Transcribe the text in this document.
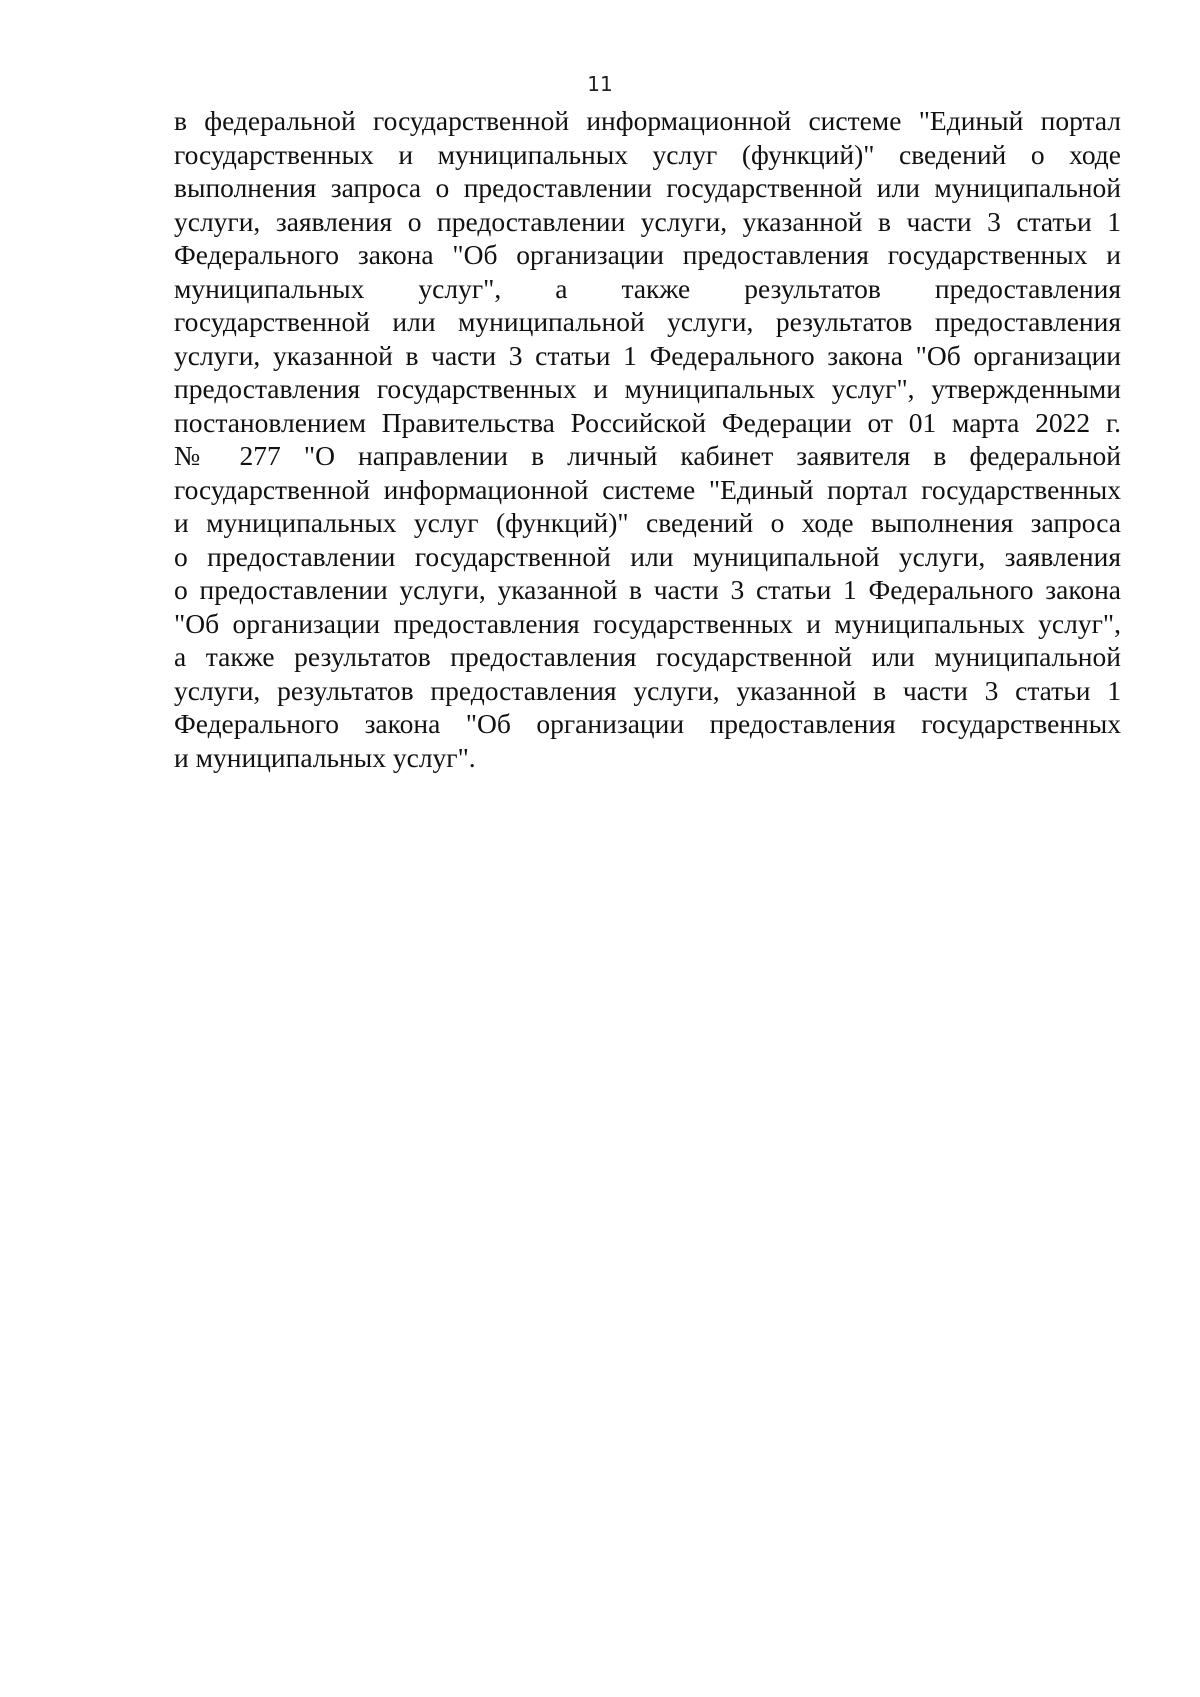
11
в федеральной государственной информационной системе "Единый портал
государственных и муниципальных услуг (функций)" сведений о ходе
выполнения запроса о предоставлении государственной или муниципальной
услуги, заявления о предоставлении услуги, указанной в части 3 статьи 1
Федерального закона "Об организации предоставления государственных и
муниципальных услуг", а также результатов предоставления
государственной или муниципальной услуги, результатов предоставления
услуги, указанной в части 3 статьи 1 Федерального закона "Об организации
предоставления государственных и муниципальных услуг", утвержденными
постановлением Правительства Российской Федерации от 01 марта 2022 г.
№ 277 "О направлении в личный кабинет заявителя в федеральной
государственной информационной системе "Единый портал государственных
и муниципальных услуг (функций)" сведений о ходе выполнения запроса
о предоставлении государственной или муниципальной услуги, заявления
о предоставлении услуги, указанной в части 3 статьи 1 Федерального закона
"Об организации предоставления государственных и муниципальных услуг",
а также результатов предоставления государственной или муниципальной
услуги, результатов предоставления услуги, указанной в части 3 статьи 1
Федерального закона "Об организации предоставления государственных
и муниципальных услуг".
